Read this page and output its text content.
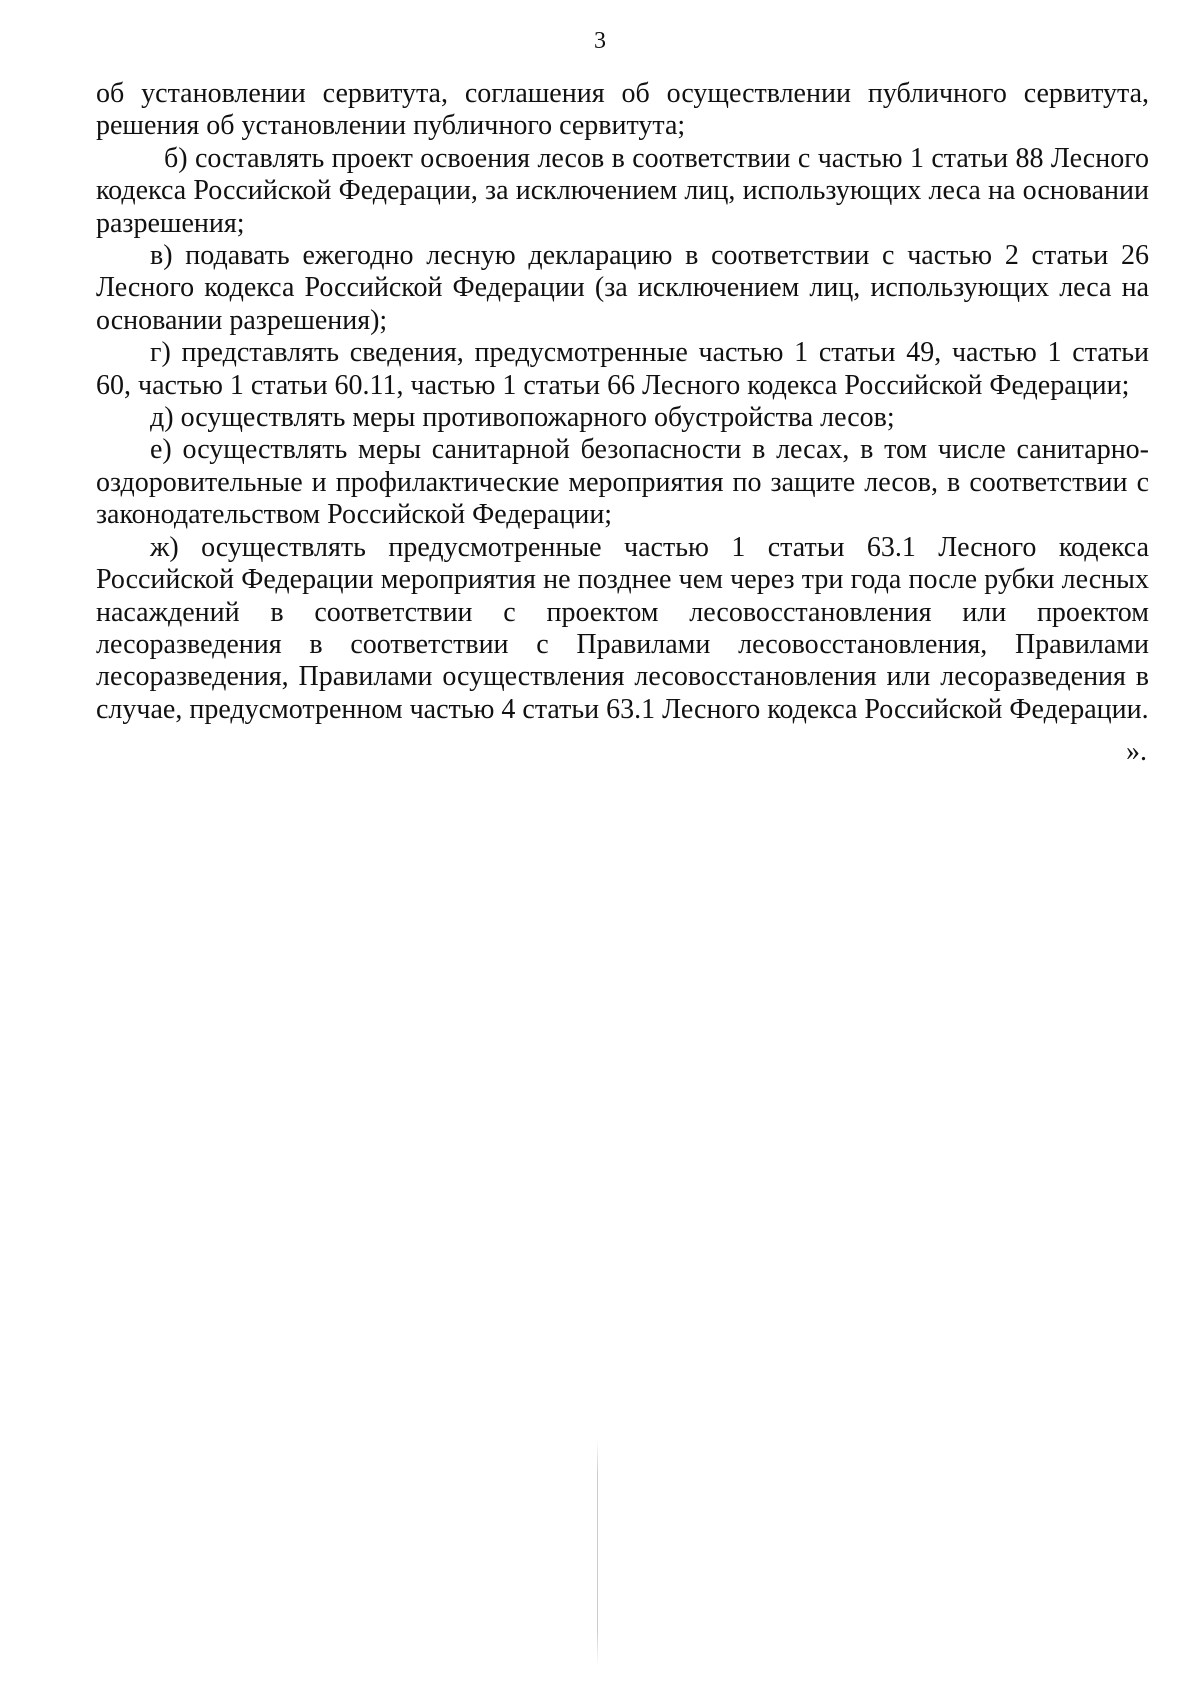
3

об установлении сервитута, соглашения об осуществлении публичного сервитута, решения об установлении публичного сервитута;

б) составлять проект освоения лесов в соответствии с частью 1 статьи 88 Лесного кодекса Российской Федерации, за исключением лиц, использующих леса на основании разрешения;

в) подавать ежегодно лесную декларацию в соответствии с частью 2 статьи 26 Лесного кодекса Российской Федерации (за исключением лиц, использующих леса на основании разрешения);

г) представлять сведения, предусмотренные частью 1 статьи 49, частью 1 статьи 60, частью 1 статьи 60.11, частью 1 статьи 66 Лесного кодекса Российской Федерации;

д) осуществлять меры противопожарного обустройства лесов;

е) осуществлять меры санитарной безопасности в лесах, в том числе санитарно-оздоровительные и профилактические мероприятия по защите лесов, в соответствии с законодательством Российской Федерации;

ж) осуществлять предусмотренные частью 1 статьи 63.1 Лесного кодекса Российской Федерации мероприятия не позднее чем через три года после рубки лесных насаждений в соответствии с проектом лесовосстановления или проектом лесоразведения в соответствии с Правилами лесовосстановления, Правилами лесоразведения, Правилами осуществления лесовосстановления или лесоразведения в случае, предусмотренном частью 4 статьи 63.1 Лесного кодекса Российской Федерации.

».
